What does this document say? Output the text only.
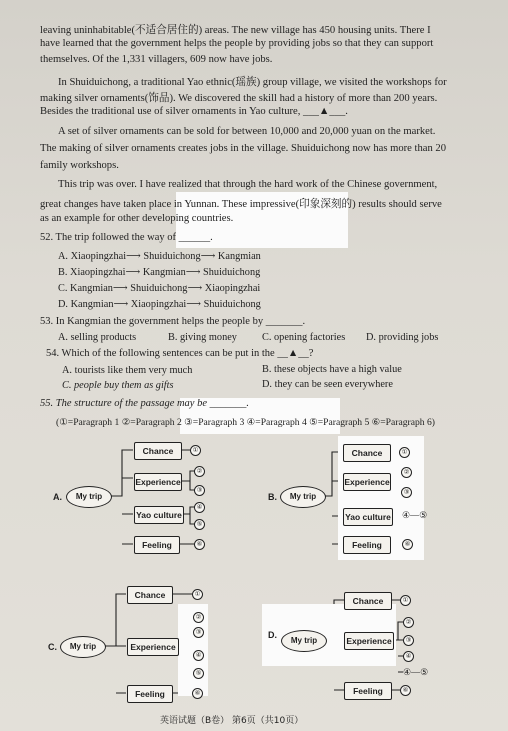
leaving uninhabitable(不适合居住的) areas. The new village has 450 housing units. There I
have learned that the government helps the people by providing jobs so that they can support
themselves. Of the 1,331 villagers, 609 now have jobs.
In Shuiduichong, a traditional Yao ethnic(瑶族) group village, we visited the workshops for
making silver ornaments(饰品). We discovered the skill had a history of more than 200 years.
Besides the traditional use of silver ornaments in Yao culture, ___▲___.
A set of silver ornaments can be sold for between 10,000 and 20,000 yuan on the market.
The making of silver ornaments creates jobs in the village. Shuiduichong now has more than 20
family workshops.
This trip was over. I have realized that through the hard work of the Chinese government,
great changes have taken place in Yunnan. These impressive(印象深刻的) results should serve
as an example for other developing countries.
52. The trip followed the way of ______.
A. Xiaopingzhai⟶ Shuiduichong⟶ Kangmian
B. Xiaopingzhai⟶ Kangmian⟶ Shuiduichong
C. Kangmian⟶ Shuiduichong⟶ Xiaopingzhai
D. Kangmian⟶ Xiaopingzhai⟶ Shuiduichong
53. In Kangmian the government helps the people by _______.
A. selling products	B. giving money C. opening factories D. providing jobs
54. Which of the following sentences can be put in the __▲__?
A. tourists like them very much	B. these objects have a high value
C. people buy them as gifts	D. they can be seen everywhere
55. The structure of the passage may be _______.
(①=Paragraph 1 ②=Paragraph 2 ③=Paragraph 3 ④=Paragraph 4 ⑤=Paragraph 5 ⑥=Paragraph 6)
A.	My trip
Chance	①
Experience
②
③
Yao culture
④
⑤
Feeling	⑥
B.	My trip
Chance	①
Experience
②
③
Yao culture ④—⑤
Feeling	⑥
C.	My trip
Chance	①
Experience
②
③
④
⑤
Feeling	⑥
D.
My trip
Chance	①
Experience
②
③
④
④—⑤
Feeling	⑥
英语试题（B卷） 第6页（共10页）
